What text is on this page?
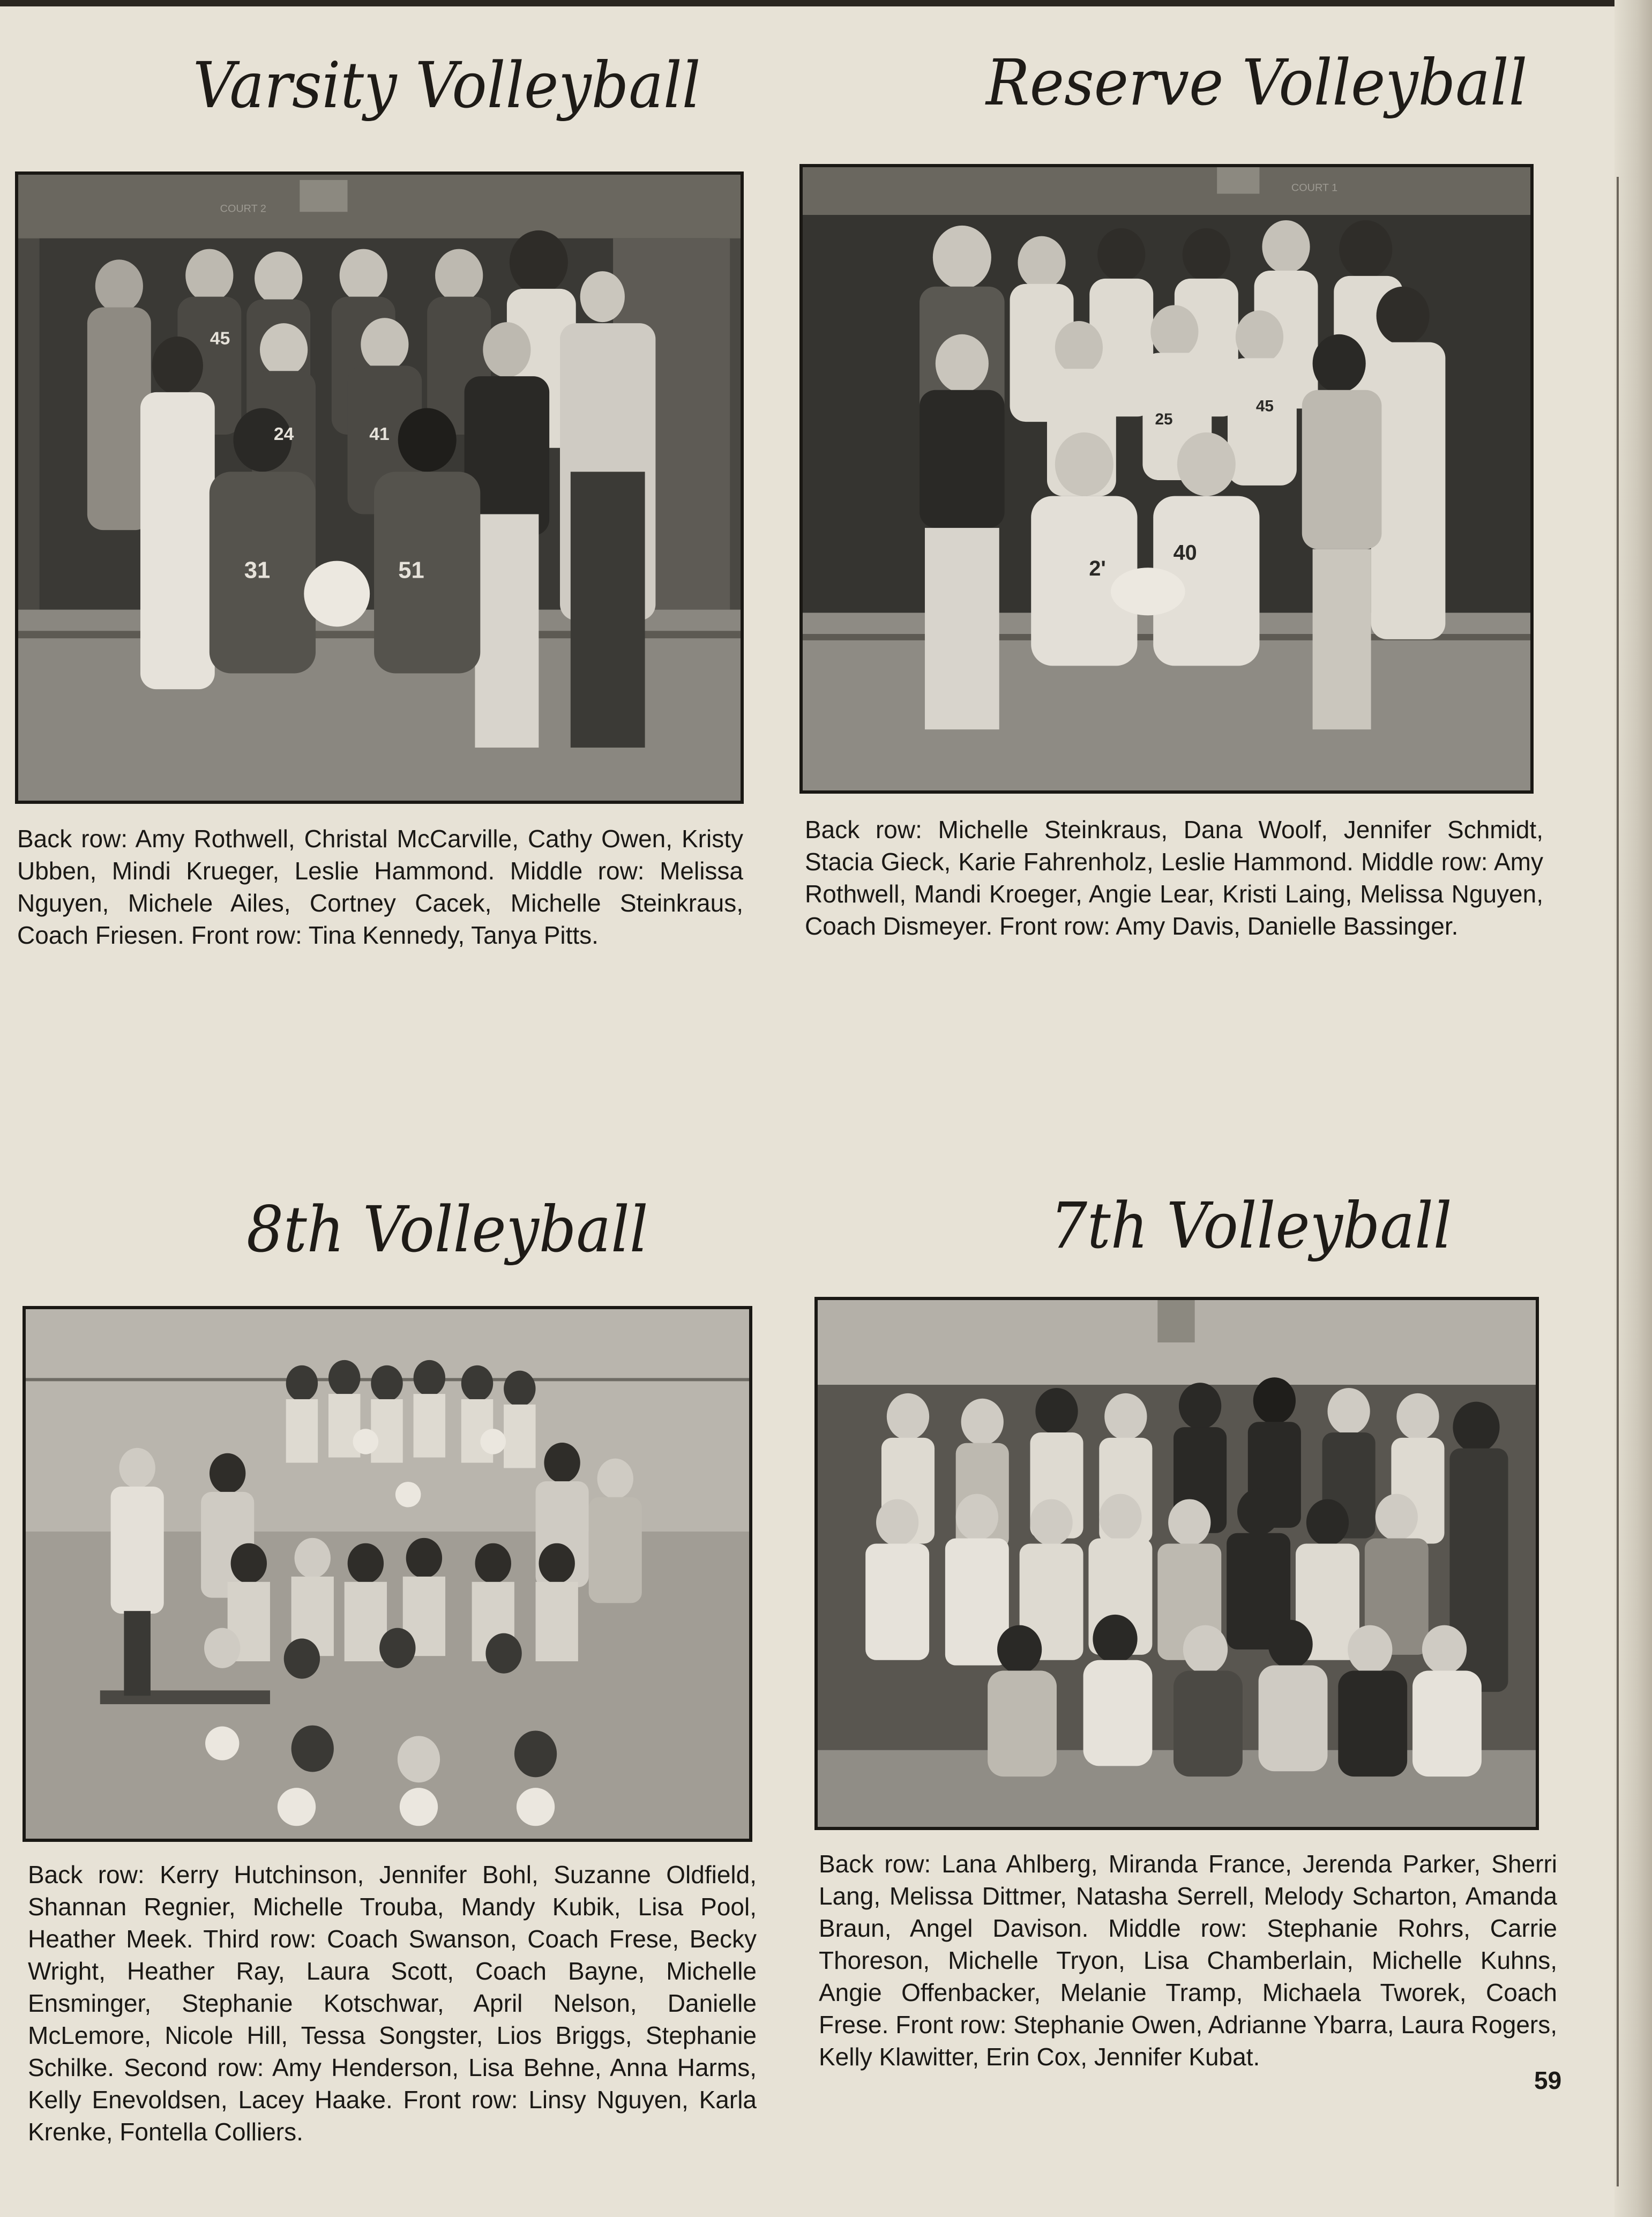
Varsity Volleyball
COURT 2
45
24	41
31	51
Back row: Amy Rothwell, Christal McCarville, Cathy Owen, Kristy Ubben, Mindi Krueger, Leslie Hammond. Middle row: Melissa Nguyen, Michele Ailes, Cortney Cacek, Michelle Steinkraus, Coach Friesen. Front row: Tina Kennedy, Tanya Pitts.
Reserve Volleyball
COURT 1
25
45
2'
40
Back row: Michelle Steinkraus, Dana Woolf, Jennifer Schmidt, Stacia Gieck, Karie Fahrenholz, Leslie Hammond. Middle row: Amy Rothwell, Mandi Kroeger, Angie Lear, Kristi Laing, Melissa Nguyen, Coach Dismeyer. Front row: Amy Davis, Danielle Bassinger.
8th Volleyball
Back row: Kerry Hutchinson, Jennifer Bohl, Suzanne Oldfield, Shannan Regnier, Michelle Trouba, Mandy Kubik, Lisa Pool, Heather Meek. Third row: Coach Swanson, Coach Frese, Becky Wright, Heather Ray, Laura Scott, Coach Bayne, Michelle Ensminger, Stephanie Kotschwar, April Nelson, Danielle McLemore, Nicole Hill, Tessa Songster, Lios Briggs, Stephanie Schilke. Second row: Amy Henderson, Lisa Behne, Anna Harms, Kelly Enevoldsen, Lacey Haake. Front row: Linsy Nguyen, Karla Krenke, Fontella Colliers.
7th Volleyball
Back row: Lana Ahlberg, Miranda France, Jerenda Parker, Sherri Lang, Melissa Dittmer, Natasha Serrell, Melody Scharton, Amanda Braun, Angel Davison. Middle row: Stephanie Rohrs, Carrie Thoreson, Michelle Tryon, Lisa Chamberlain, Michelle Kuhns, Angie Offenbacker, Melanie Tramp, Michaela Tworek, Coach Frese. Front row: Stephanie Owen, Adrianne Ybarra, Laura Rogers, Kelly Klawitter, Erin Cox, Jennifer Kubat.
59
